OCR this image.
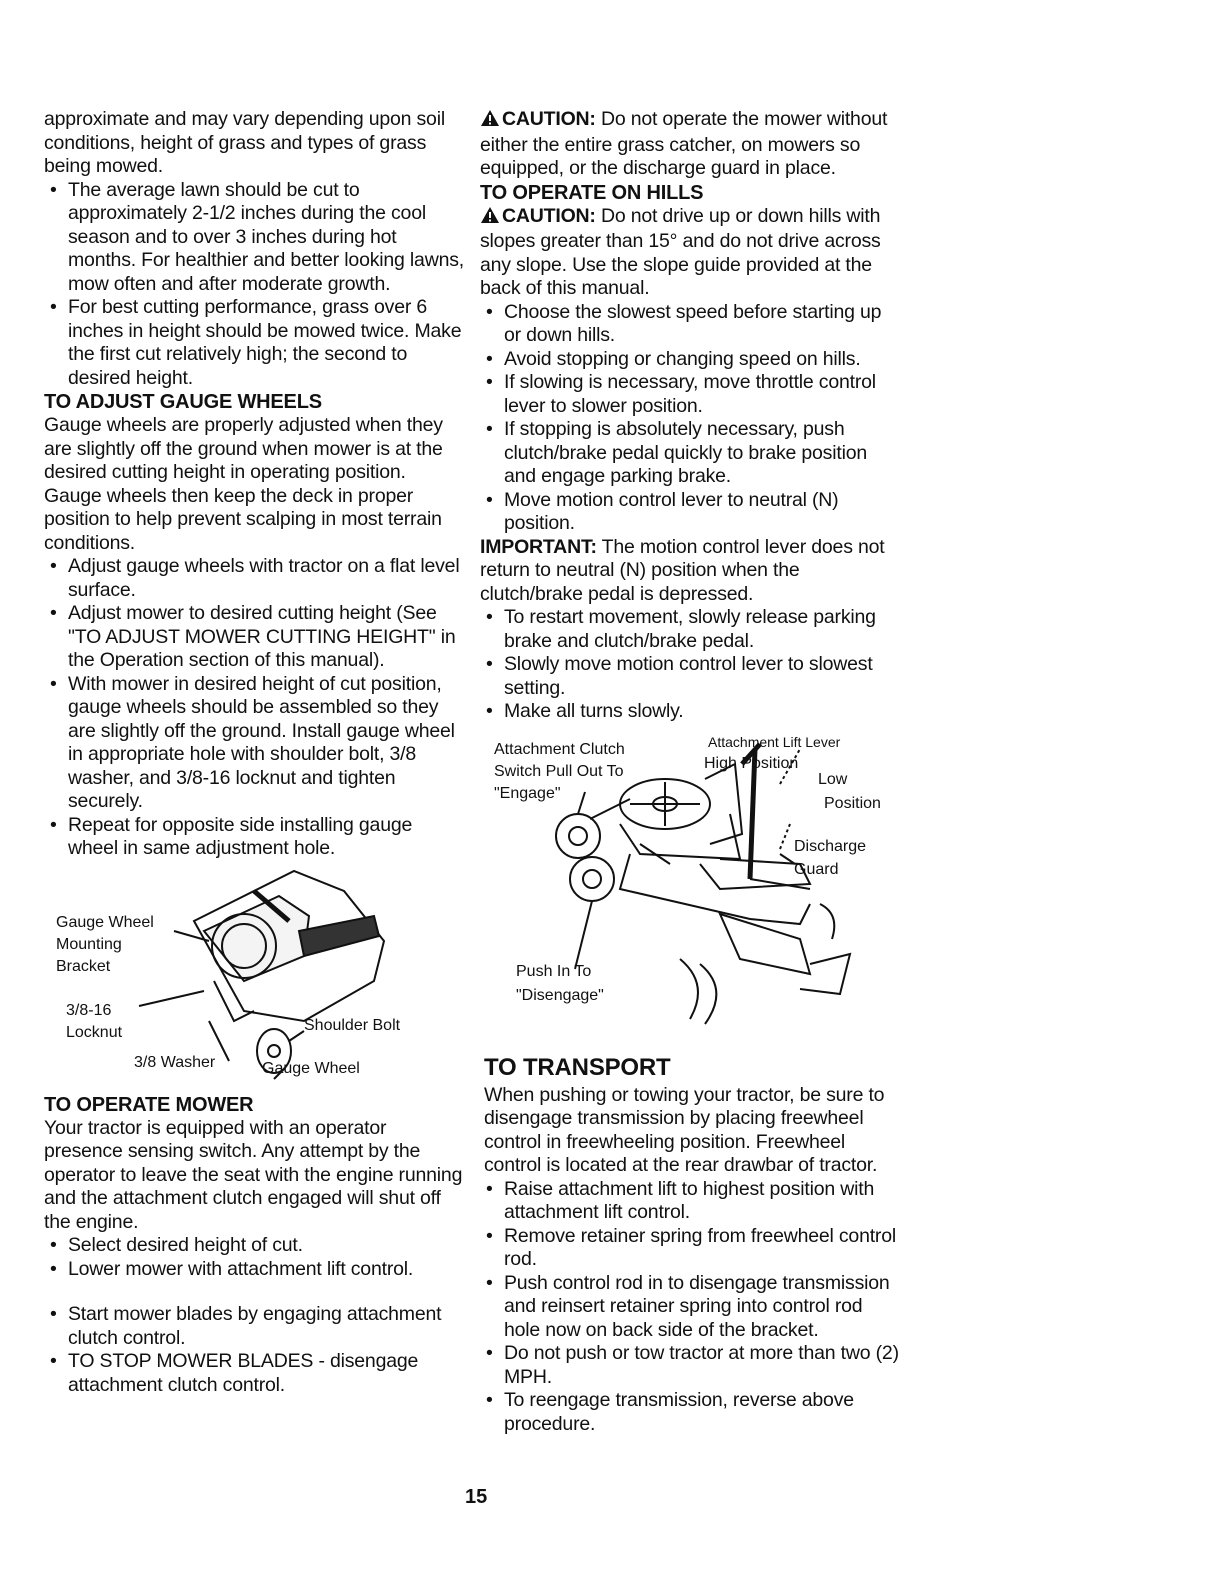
approximate and may vary depending upon soil conditions, height of grass and types of grass being mowed.

• The average lawn should be cut to approximately 2-1/2 inches during the cool season and to over 3 inches during hot months. For healthier and better looking lawns, mow often and after moderate growth.
• For best cutting performance, grass over 6 inches in height should be mowed twice. Make the first cut relatively high; the second to desired height.

TO ADJUST GAUGE WHEELS

Gauge wheels are properly adjusted when they are slightly off the ground when mower is at the desired cutting height in operating position. Gauge wheels then keep the deck in proper position to help prevent scalping in most terrain conditions.

• Adjust gauge wheels with tractor on a flat level surface.
• Adjust mower to desired cutting height (See "TO ADJUST MOWER CUTTING HEIGHT" in the Operation section of this manual).
• With mower in desired height of cut position, gauge wheels should be assembled so they are slightly off the ground. Install gauge wheel in appropriate hole with shoulder bolt, 3/8 washer, and 3/8-16 locknut and tighten securely.
• Repeat for opposite side installing gauge wheel in same adjustment hole.
Gauge Wheel
Mounting
Bracket
3/8-16
Locknut	Shoulder Bolt
3/8 Washer	Gauge Wheel

TO OPERATE MOWER

Your tractor is equipped with an operator presence sensing switch. Any attempt by the operator to leave the seat with the engine running and the attachment clutch engaged will shut off the engine.

• Select desired height of cut.
• Lower mower with attachment lift control.
• Start mower blades by engaging attachment clutch control.
• TO STOP MOWER BLADES - disengage attachment clutch control.

CAUTION: Do not operate the mower without either the entire grass catcher, on mowers so equipped, or the discharge guard in place.

TO OPERATE ON HILLS

CAUTION: Do not drive up or down hills with slopes greater than 15° and do not drive across any slope. Use the slope guide provided at the back of this manual.

• Choose the slowest speed before starting up or down hills.
• Avoid stopping or changing speed on hills.
• If slowing is necessary, move throttle control lever to slower position.
• If stopping is absolutely necessary, push clutch/brake pedal quickly to brake position and engage parking brake.
• Move motion control lever to neutral (N) position.

IMPORTANT: The motion control lever does not return to neutral (N) position when the clutch/brake pedal is depressed.

• To restart movement, slowly release parking brake and clutch/brake pedal.
• Slowly move motion control lever to slowest setting.
• Make all turns slowly.
Attachment Clutch
Switch Pull Out To
"Engage"
Attachment Lift Lever
High Position
Low
Position
Discharge
Guard
Push In To
"Disengage"

TO TRANSPORT

When pushing or towing your tractor, be sure to disengage transmission by placing freewheel control in freewheeling position. Freewheel control is located at the rear drawbar of tractor.

• Raise attachment lift to highest position with attachment lift control.
• Remove retainer spring from freewheel control rod.
• Push control rod in to disengage transmission and reinsert retainer spring into control rod hole now on back side of the bracket.
• Do not push or tow tractor at more than two (2) MPH.
• To reengage transmission, reverse above procedure.
15
